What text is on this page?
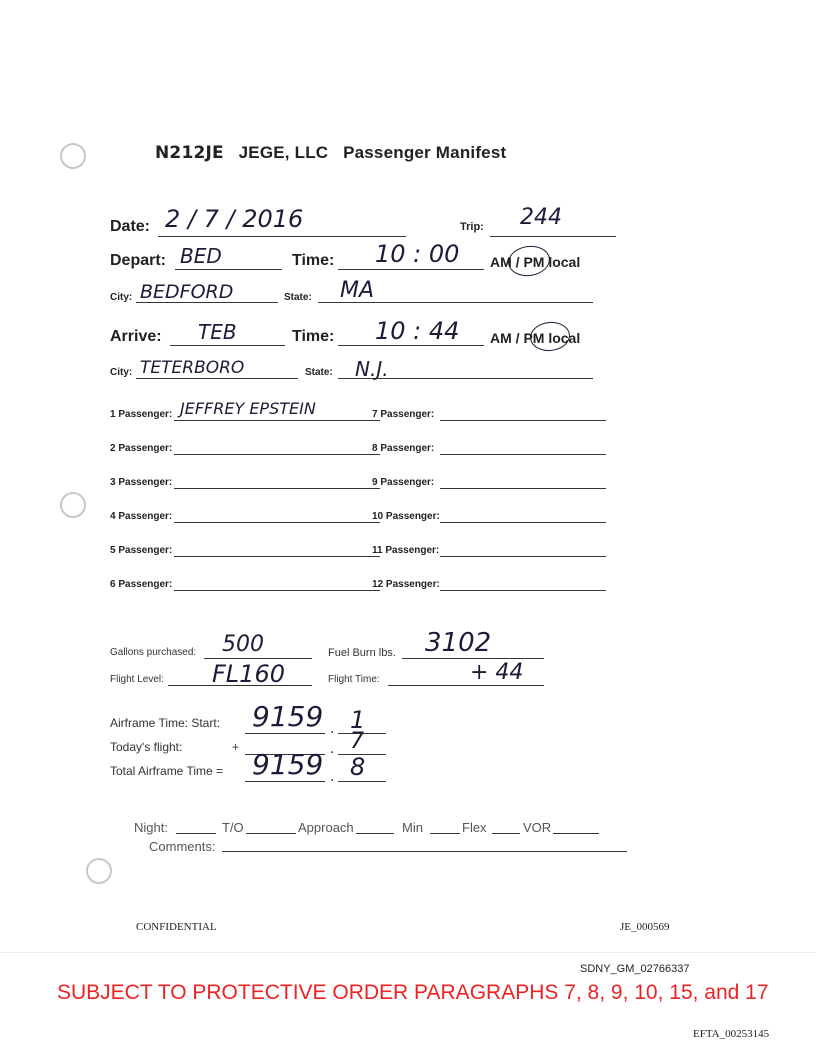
N212JE JEGE, LLC Passenger Manifest
Date: 2 / 7 / 2016	Trip: 244
Depart: BED	Time: 10 : 00 AM / PM local
City: BEDFORD	State: MA
Arrive: TEB	Time: 10 : 44 AM / PM local
City: TETERBORO	State: N.J.
1 Passenger: JEFFREY EPSTEIN
2 Passenger:
3 Passenger:
4 Passenger:
5 Passenger:
6 Passenger:
7 Passenger:
8 Passenger:
9 Passenger:
10 Passenger:
11 Passenger:
12 Passenger:
Gallons purchased: 500	Fuel Burn lbs. 3102
Flight Level: FL160	Flight Time:	+ 44
Airframe Time: Start: 9159 . 1
Today's flight:	+	. 7
Total Airframe Time = 9159 . 8
Night:	T/O	Approach	Min	Flex	VOR
Comments:
CONFIDENTIAL	JE_000569
SDNY_GM_02766337
SUBJECT TO PROTECTIVE ORDER PARAGRAPHS 7, 8, 9, 10, 15, and 17
EFTA_00253145
